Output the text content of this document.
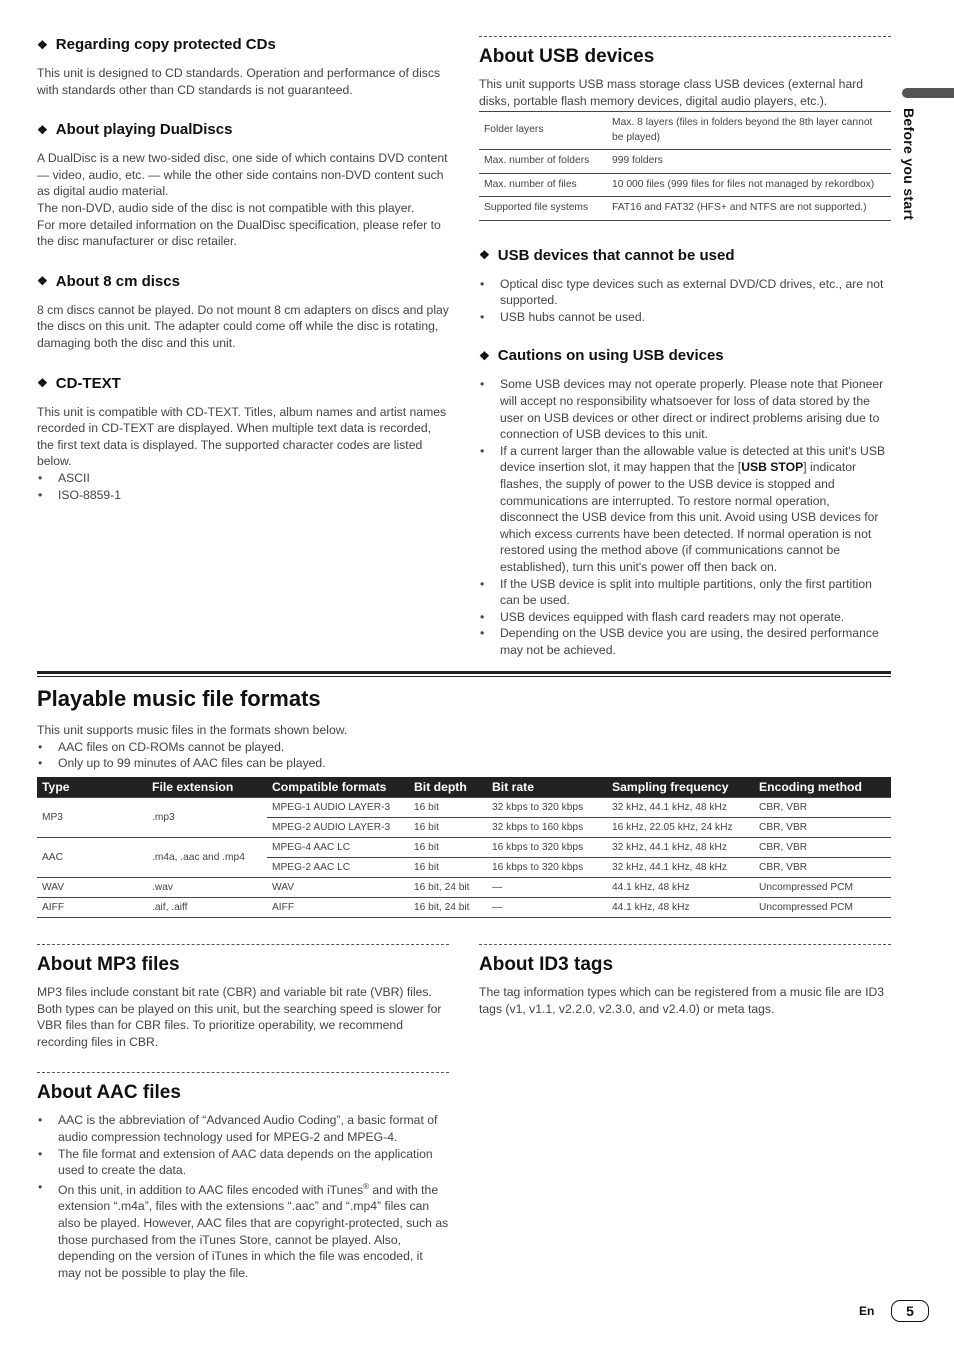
Before you start
❖ Regarding copy protected CDs

This unit is designed to CD standards. Operation and performance of discs with standards other than CD standards is not guaranteed.

❖ About playing DualDiscs

A DualDisc is a new two-sided disc, one side of which contains DVD content — video, audio, etc. — while the other side contains non-DVD content such as digital audio material.

The non-DVD, audio side of the disc is not compatible with this player.

For more detailed information on the DualDisc specification, please refer to the disc manufacturer or disc retailer.

❖ About 8 cm discs

8 cm discs cannot be played. Do not mount 8 cm adapters on discs and play the discs on this unit. The adapter could come off while the disc is rotating, damaging both the disc and this unit.

❖ CD-TEXT

This unit is compatible with CD-TEXT. Titles, album names and artist names recorded in CD-TEXT are displayed. When multiple text data is recorded, the first text data is displayed. The supported character codes are listed below.

• ASCII
• ISO-8859-1
About USB devices

This unit supports USB mass storage class USB devices (external hard disks, portable flash memory devices, digital audio players, etc.).

Folder layers	Max. 8 layers (files in folders beyond the 8th layer cannot be played)
Max. number of folders	999 folders
Max. number of files	10 000 files (999 files for files not managed by rekordbox)
Supported file systems	FAT16 and FAT32 (HFS+ and NTFS are not supported.)
❖ USB devices that cannot be used
• Optical disc type devices such as external DVD/CD drives, etc., are not supported.
• USB hubs cannot be used.
❖ Cautions on using USB devices
• Some USB devices may not operate properly. Please note that Pioneer will accept no responsibility whatsoever for loss of data stored by the user on USB devices or other direct or indirect problems arising due to connection of USB devices to this unit.
• If a current larger than the allowable value is detected at this unit's USB device insertion slot, it may happen that the [USB STOP] indicator flashes, the supply of power to the USB device is stopped and communications are interrupted. To restore normal operation, disconnect the USB device from this unit. Avoid using USB devices for which excess currents have been detected. If normal operation is not restored using the method above (if communications cannot be established), turn this unit's power off then back on.
• If the USB device is split into multiple partitions, only the first partition can be used.
• USB devices equipped with flash card readers may not operate.
• Depending on the USB device you are using, the desired performance may not be achieved.
Playable music file formats

This unit supports music files in the formats shown below.

• AAC files on CD-ROMs cannot be played.
• Only up to 99 minutes of AAC files can be played.
Type	File extension	Compatible formats	Bit depth	Bit rate	Sampling frequency	Encoding method
MP3	.mp3	MPEG-1 AUDIO LAYER-3	16 bit	32 kbps to 320 kbps	32 kHz, 44.1 kHz, 48 kHz	CBR, VBR
		MPEG-2 AUDIO LAYER-3	16 bit	32 kbps to 160 kbps	16 kHz, 22.05 kHz, 24 kHz	CBR, VBR
AAC	.m4a, .aac and .mp4	MPEG-4 AAC LC	16 bit	16 kbps to 320 kbps	32 kHz, 44.1 kHz, 48 kHz	CBR, VBR
		MPEG-2 AAC LC	16 bit	16 kbps to 320 kbps	32 kHz, 44.1 kHz, 48 kHz	CBR, VBR
WAV	.wav	WAV	16 bit, 24 bit	—	44.1 kHz, 48 kHz	Uncompressed PCM
AIFF	.aif, .aiff	AIFF	16 bit, 24 bit	—	44.1 kHz, 48 kHz	Uncompressed PCM
About MP3 files

MP3 files include constant bit rate (CBR) and variable bit rate (VBR) files. Both types can be played on this unit, but the searching speed is slower for VBR files than for CBR files. To prioritize operability, we recommend recording files in CBR.

About AAC files
• AAC is the abbreviation of “Advanced Audio Coding”, a basic format of audio compression technology used for MPEG-2 and MPEG-4.
• The file format and extension of AAC data depends on the application used to create the data.
• On this unit, in addition to AAC files encoded with iTunes® and with the extension “.m4a”, files with the extensions “.aac” and “.mp4” files can also be played. However, AAC files that are copyright-protected, such as those purchased from the iTunes Store, cannot be played. Also, depending on the version of iTunes in which the file was encoded, it may not be possible to play the file.
About ID3 tags

The tag information types which can be registered from a music file are ID3 tags (v1, v1.1, v2.2.0, v2.3.0, and v2.4.0) or meta tags.

En	5
